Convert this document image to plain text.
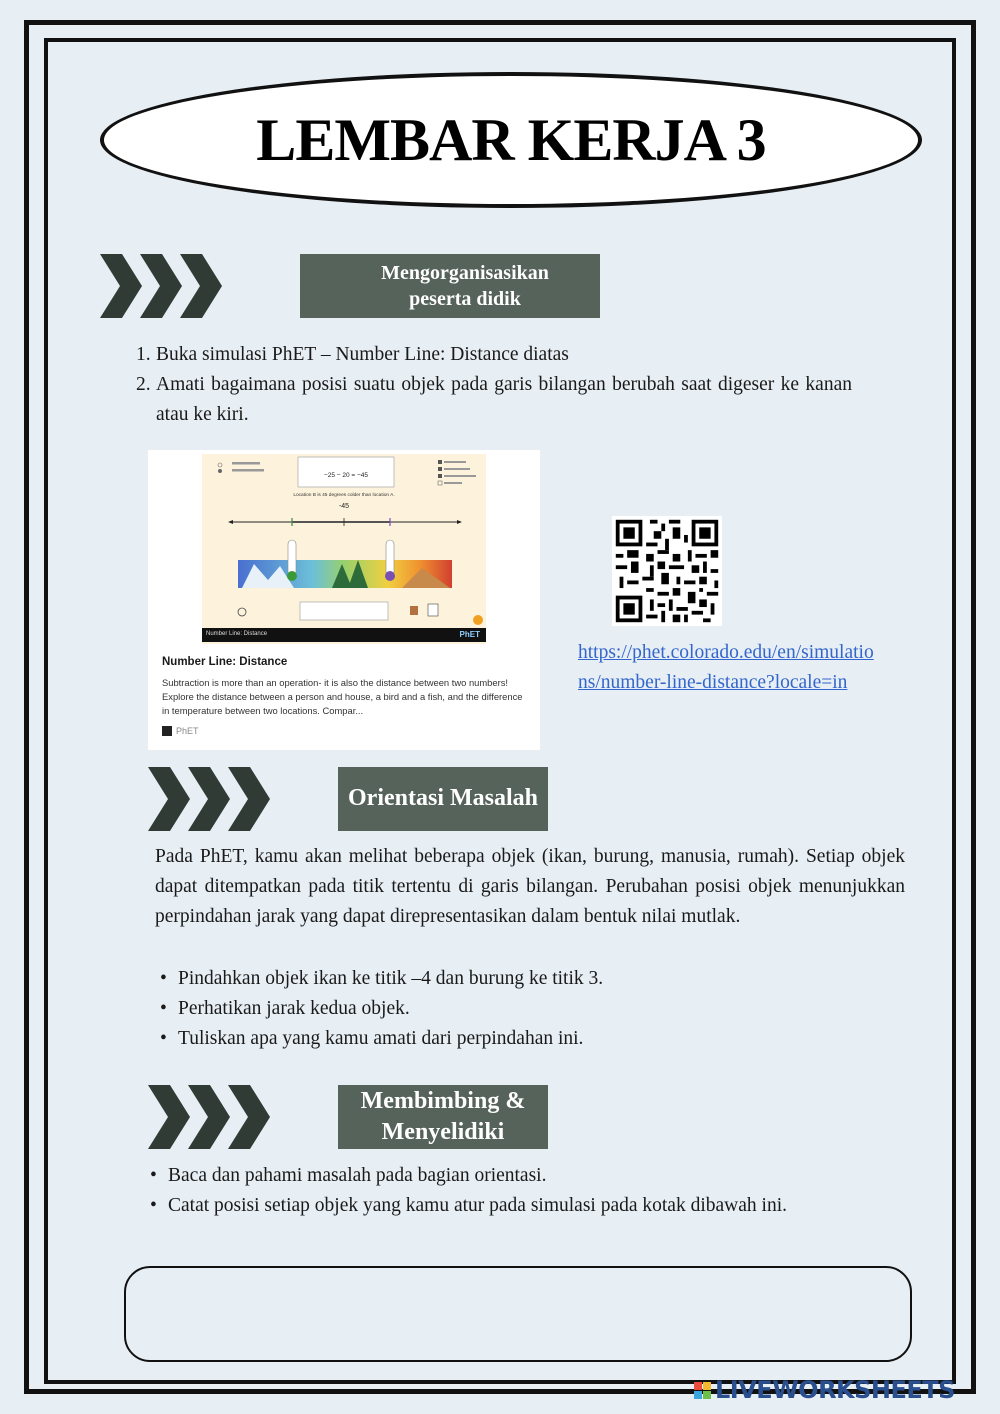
LEMBAR KERJA 3
Mengorganisasikan
peserta didik
1. Buka simulasi PhET – Number Line: Distance diatas
2. Amati bagaimana posisi suatu objek pada garis bilangan berubah saat digeser ke kanan atau ke kiri.
−25 − 20 = −45
Location B is 45 degrees colder than location A.
-45
Number Line: Distance	PhET
Number Line: Distance
Subtraction is more than an operation- it is also the distance between two numbers! Explore the distance between a person and house, a bird and a fish, and the difference in temperature between two locations. Compar...
PhET
https://phet.colorado.edu/en/simulations/number-line-distance?locale=in
Orientasi Masalah
Pada PhET, kamu akan melihat beberapa objek (ikan, burung, manusia, rumah). Setiap objek dapat ditempatkan pada titik tertentu di garis bilangan. Perubahan posisi objek menunjukkan perpindahan jarak yang dapat direpresentasikan dalam bentuk nilai mutlak.
• Pindahkan objek ikan ke titik –4 dan burung ke titik 3.
• Perhatikan jarak kedua objek.
• Tuliskan apa yang kamu amati dari perpindahan ini.
Membimbing &
Menyelidiki
• Baca dan pahami masalah pada bagian orientasi.
• Catat posisi setiap objek yang kamu atur pada simulasi pada kotak dibawah ini.
LIVEWORKSHEETS
